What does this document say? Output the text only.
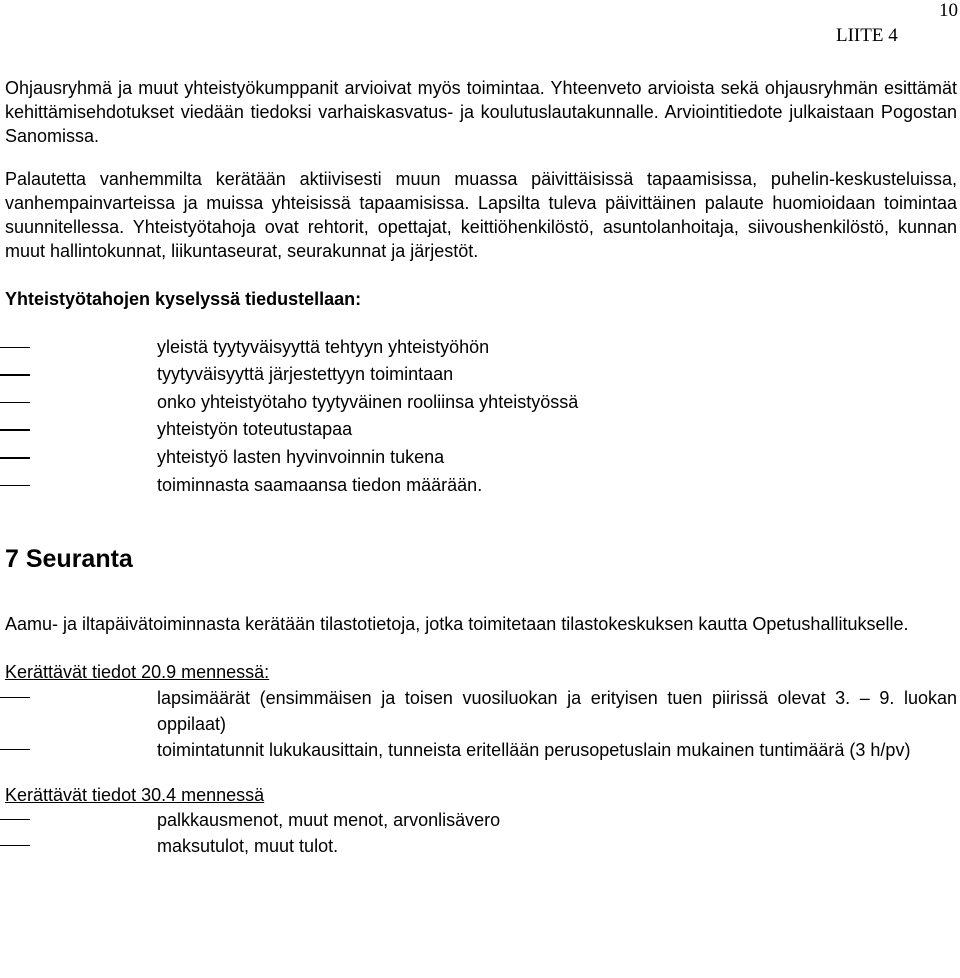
10
LIITE 4

Ohjausryhmä ja muut yhteistyökumppanit arvioivat myös toimintaa. Yhteenveto arvioista sekä ohjausryhmän esittämät kehittämisehdotukset viedään tiedoksi varhaiskasvatus- ja koulutuslautakunnalle. Arviointitiedote julkaistaan Pogostan Sanomissa.

Palautetta vanhemmilta kerätään aktiivisesti muun muassa päivittäisissä tapaamisissa, puhelin-keskusteluissa, vanhempainvarteissa ja muissa yhteisissä tapaamisissa. Lapsilta tuleva päivittäinen palaute huomioidaan toimintaa suunnitellessa. Yhteistyötahoja ovat rehtorit, opettajat, keittiöhenkilöstö, asuntolanhoitaja, siivoushenkilöstö, kunnan muut hallintokunnat, liikuntaseurat, seurakunnat ja järjestöt.

Yhteistyötahojen kyselyssä tiedustellaan:

yleistä tyytyväisyyttä tehtyyn yhteistyöhön
tyytyväisyyttä järjestettyyn toimintaan
onko yhteistyötaho tyytyväinen rooliinsa yhteistyössä
yhteistyön toteutustapaa
yhteistyö lasten hyvinvoinnin tukena
toiminnasta saamaansa tiedon määrään.
7 Seuranta

Aamu- ja iltapäivätoiminnasta kerätään tilastotietoja, jotka toimitetaan tilastokeskuksen kautta Opetushallitukselle.

Kerättävät tiedot 20.9 mennessä:

lapsimäärät (ensimmäisen ja toisen vuosiluokan ja erityisen tuen piirissä olevat 3. – 9. luokan oppilaat)
toimintatunnit lukukausittain, tunneista eritellään perusopetuslain mukainen tuntimäärä (3 h/pv)

Kerättävät tiedot 30.4 mennessä

palkkausmenot, muut menot, arvonlisävero
maksutulot, muut tulot.
